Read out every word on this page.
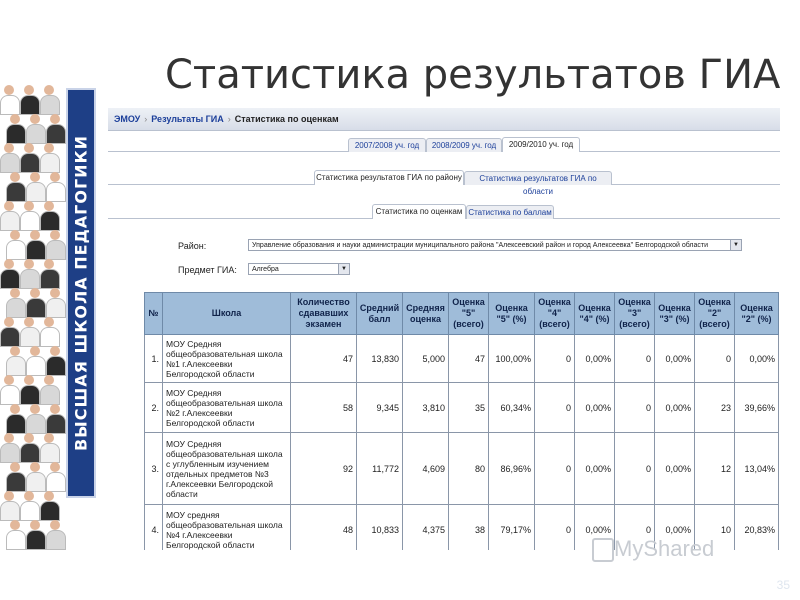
Статистика результатов ГИА
ВЫСШАЯ ШКОЛА ПЕДАГОГИКИ
ЭМОУ › Результаты ГИА › Статистика по оценкам
2007/2008 уч. год	2008/2009 уч. год	2009/2010 уч. год
Статистика результатов ГИА по району	Статистика результатов ГИА по области
Статистика по оценкам Статистика по баллам
Район:	Управление образования и науки администрации муниципального района "Алексеевский район и город Алексеевка" Белгородской области	▼
Предмет ГИА:	Алгебра	▼
№	Школа	Количество сдававших экзамен	Средний балл	Средняя оценка	Оценка "5" (всего)	Оценка "5" (%)	Оценка "4" (всего)	Оценка "4" (%)	Оценка "3" (всего)	Оценка "3" (%)	Оценка "2" (всего)	Оценка "2" (%)
1.	МОУ Средняя общеобразовательная школа №1 г.Алексеевки Белгородской области	47	13,830	5,000	47	100,00%	0	0,00%	0	0,00%	0	0,00%
2.	МОУ Средняя общеобразовательная школа №2 г.Алексеевки Белгородской области	58	9,345	3,810	35	60,34%	0	0,00%	0	0,00%	23	39,66%
3.	МОУ Средняя общеобразовательная школа с углубленным изучением отдельных предметов №3 г.Алексеевки Белгородской области	92	11,772	4,609	80	86,96%	0	0,00%	0	0,00%	12	13,04%
4.	МОУ средняя общеобразовательная школа №4 г.Алексеевки Белгородской области	48	10,833	4,375	38	79,17%	0	0,00%	0	0,00%	10	20,83%
MyShared
35
